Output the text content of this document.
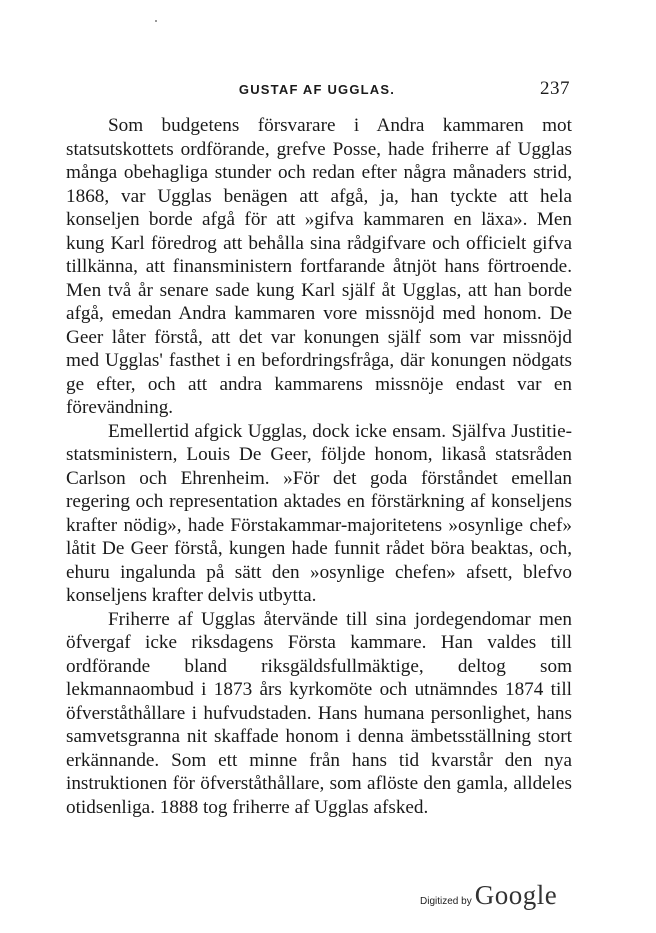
GUSTAF AF UGGLAS.	237

Som budgetens försvarare i Andra kammaren mot statsutskottets ordförande, grefve Posse, hade friherre af Ugglas många obehagliga stunder och redan efter några månaders strid, 1868, var Ugglas benägen att afgå, ja, han tyckte att hela konseljen borde afgå för att »gifva kammaren en läxa». Men kung Karl föredrog att behålla sina rådgifvare och officielt gifva tillkänna, att finansministern fortfarande åtnjöt hans förtroende. Men två år senare sade kung Karl själf åt Ugglas, att han borde afgå, emedan Andra kammaren vore missnöjd med honom. De Geer låter förstå, att det var konungen själf som var missnöjd med Ugglas' fasthet i en befordringsfråga, där konungen nödgats ge efter, och att andra kammarens missnöje endast var en förevändning.

Emellertid afgick Ugglas, dock icke ensam. Själfva Justitie-statsministern, Louis De Geer, följde honom, likaså statsråden Carlson och Ehrenheim. »För det goda förståndet emellan regering och representation aktades en förstärkning af konseljens krafter nödig», hade Förstakammar-majoritetens »osynlige chef» låtit De Geer förstå, kungen hade funnit rådet böra beaktas, och, ehuru ingalunda på sätt den »osynlige chefen» afsett, blefvo konseljens krafter delvis utbytta.

Friherre af Ugglas återvände till sina jordegendomar men öfvergaf icke riksdagens Första kammare. Han valdes till ordförande bland riksgäldsfullmäktige, deltog som lekmannaombud i 1873 års kyrkomöte och utnämndes 1874 till öfverståthållare i hufvudstaden. Hans humana personlighet, hans samvetsgranna nit skaffade honom i denna ämbetsställning stort erkännande. Som ett minne från hans tid kvarstår den nya instruktionen för öfverståthållare, som aflöste den gamla, alldeles otidsenliga. 1888 tog friherre af Ugglas afsked.

Digitized by Google
